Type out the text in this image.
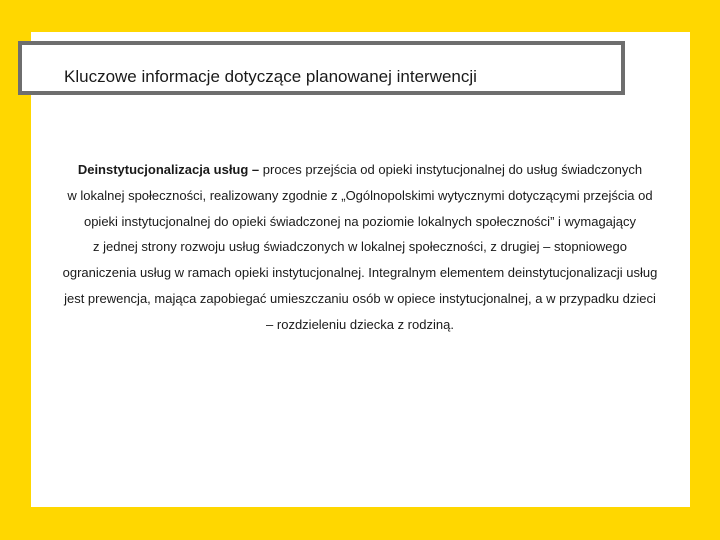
Kluczowe informacje dotyczące planowanej interwencji
Deinstytucjonalizacja usług – proces przejścia od opieki instytucjonalnej do usług świadczonych
w lokalnej społeczności, realizowany zgodnie z „Ogólnopolskimi wytycznymi dotyczącymi przejścia od
opieki instytucjonalnej do opieki świadczonej na poziomie lokalnych społeczności” i wymagający
z jednej strony rozwoju usług świadczonych w lokalnej społeczności, z drugiej – stopniowego
ograniczenia usług w ramach opieki instytucjonalnej. Integralnym elementem deinstytucjonalizacji usług
jest prewencja, mająca zapobiegać umieszczaniu osób w opiece instytucjonalnej, a w przypadku dzieci
– rozdzieleniu dziecka z rodziną.
